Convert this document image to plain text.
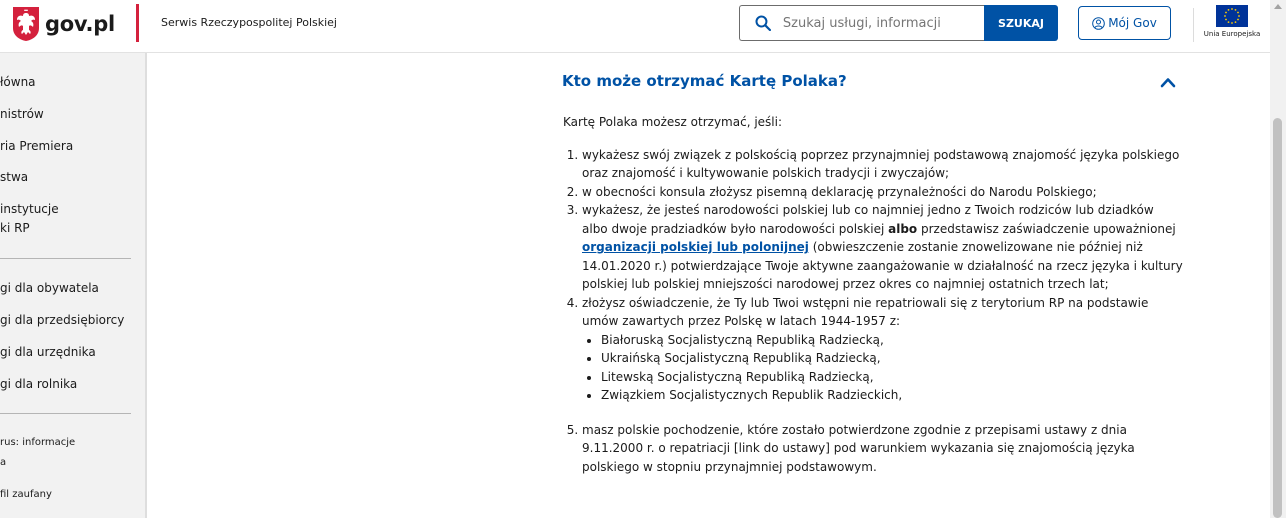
gov.pl	Serwis Rzeczypospolitej Polskiej
Szukaj usługi, informacji	SZUKAJ	Mój Gov
Unia Europejska
łówna
nistrów
ria Premiera
stwa
instytucje
ki RP
gi dla obywatela
gi dla przedsiębiorcy
gi dla urzędnika
gi dla rolnika
rus: informacje
a
fil zaufany
Kto może otrzymać Kartę Polaka?

Kartę Polaka możesz otrzymać, jeśli:

1. wykażesz swój związek z polskością poprzez przynajmniej podstawową znajomość języka polskiego oraz znajomość i kultywowanie polskich tradycji i zwyczajów;
2. w obecności konsula złożysz pisemną deklarację przynależności do Narodu Polskiego;
3. wykażesz, że jesteś narodowości polskiej lub co najmniej jedno z Twoich rodziców lub dziadków albo dwoje pradziadków było narodowości polskiej albo przedstawisz zaświadczenie upoważnionej organizacji polskiej lub polonijnej (obwieszczenie zostanie znowelizowane nie później niż 14.01.2020 r.) potwierdzające Twoje aktywne zaangażowanie w działalność na rzecz języka i kultury polskiej lub polskiej mniejszości narodowej przez okres co najmniej ostatnich trzech lat;
4. złożysz oświadczenie, że Ty lub Twoi wstępni nie repatriowali się z terytorium RP na podstawie umów zawartych przez Polskę w latach 1944-1957 z:
• Białoruską Socjalistyczną Republiką Radziecką,
• Ukraińską Socjalistyczną Republiką Radziecką,
• Litewską Socjalistyczną Republiką Radziecką,
• Związkiem Socjalistycznych Republik Radzieckich,
5. masz polskie pochodzenie, które zostało potwierdzone zgodnie z przepisami ustawy z dnia 9.11.2000 r. o repatriacji [link do ustawy] pod warunkiem wykazania się znajomością języka polskiego w stopniu przynajmniej podstawowym.
